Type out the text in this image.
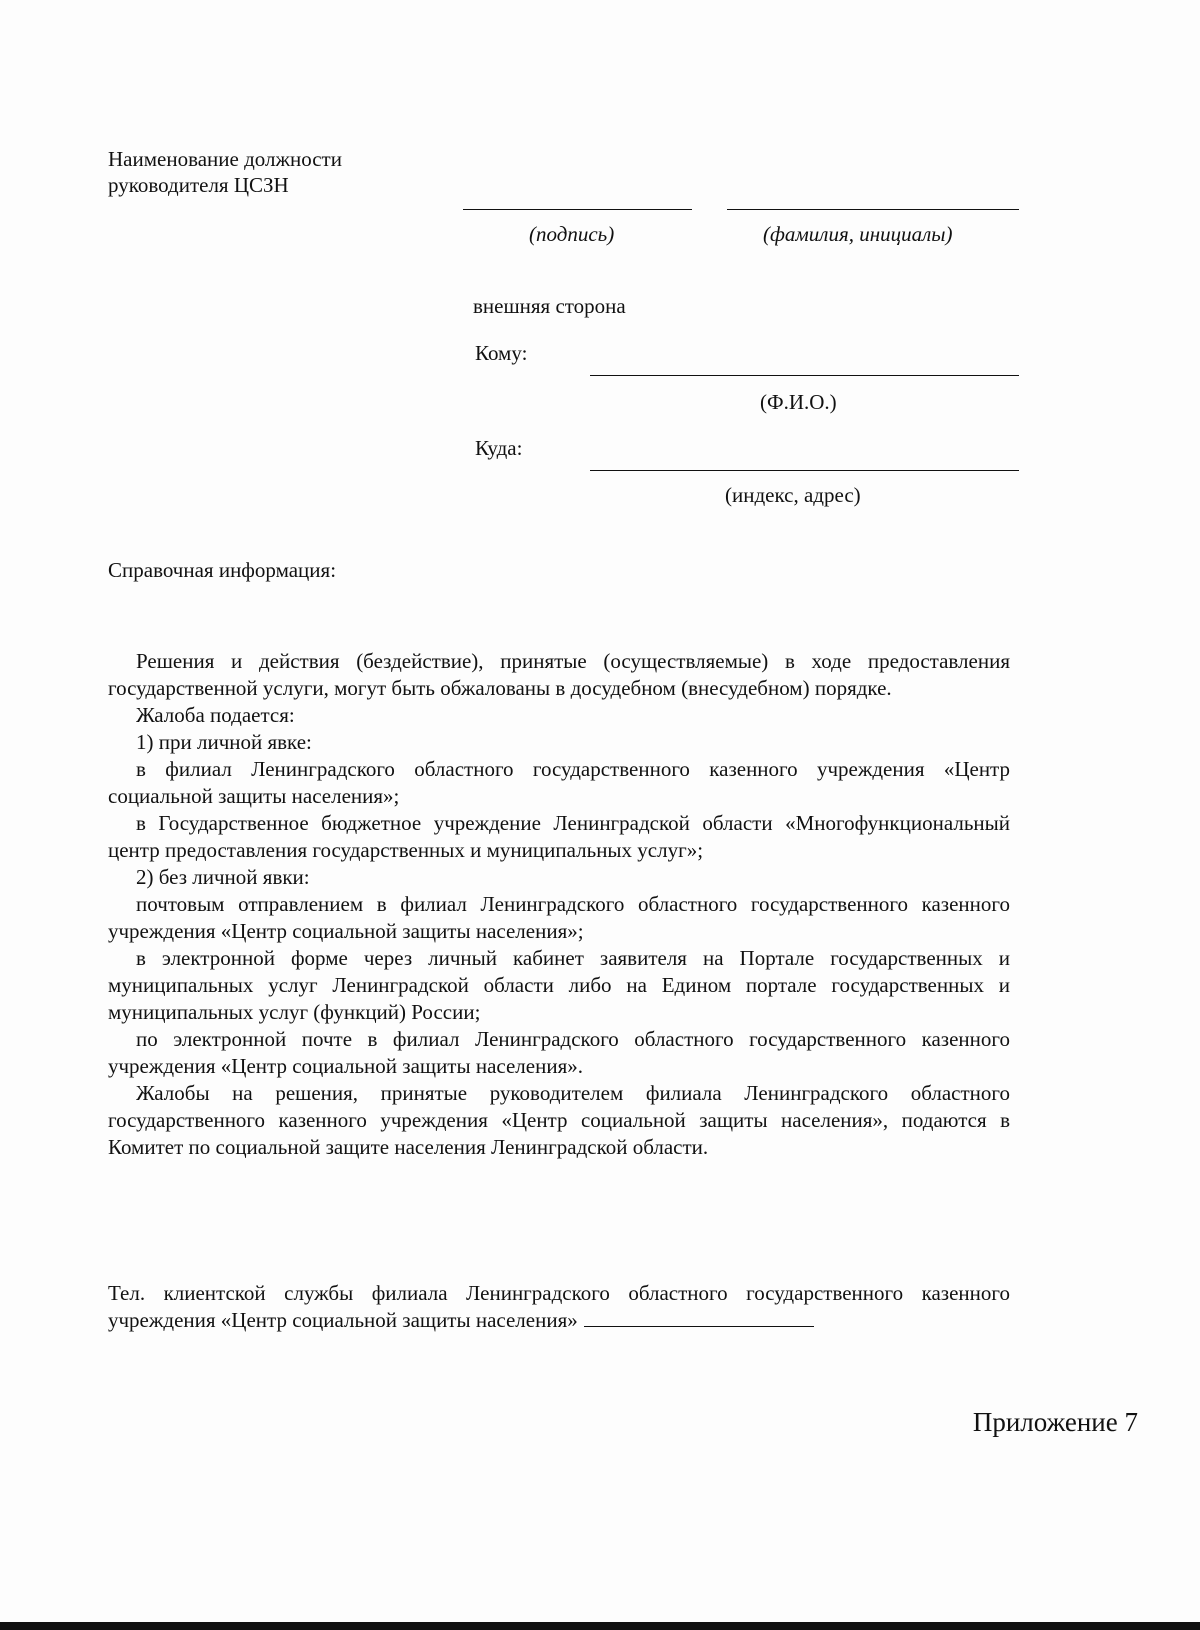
Наименование должности
руководителя ЦСЗН
(подпись)	(фамилия, инициалы)
внешняя сторона
Кому:
(Ф.И.О.)
Куда:
(индекс, адрес)
Справочная информация:

Решения и действия (бездействие), принятые (осуществляемые) в ходе предоставления государственной услуги, могут быть обжалованы в досудебном (внесудебном) порядке.

Жалоба подается:

1) при личной явке:

в филиал Ленинградского областного государственного казенного учреждения «Центр социальной защиты населения»;

в Государственное бюджетное учреждение Ленинградской области «Многофункциональный центр предоставления государственных и муниципальных услуг»;

2) без личной явки:

почтовым отправлением в филиал Ленинградского областного государственного казенного учреждения «Центр социальной защиты населения»;

в электронной форме через личный кабинет заявителя на Портале государственных и муниципальных услуг Ленинградской области либо на Едином портале государственных и муниципальных услуг (функций) России;

по электронной почте в филиал Ленинградского областного государственного казенного учреждения «Центр социальной защиты населения».

Жалобы на решения, принятые руководителем филиала Ленинградского областного государственного казенного учреждения «Центр социальной защиты населения», подаются в Комитет по социальной защите населения Ленинградской области.

Тел. клиентской службы филиала Ленинградского областного государственного казенного учреждения «Центр социальной защиты населения»

Приложение 7
